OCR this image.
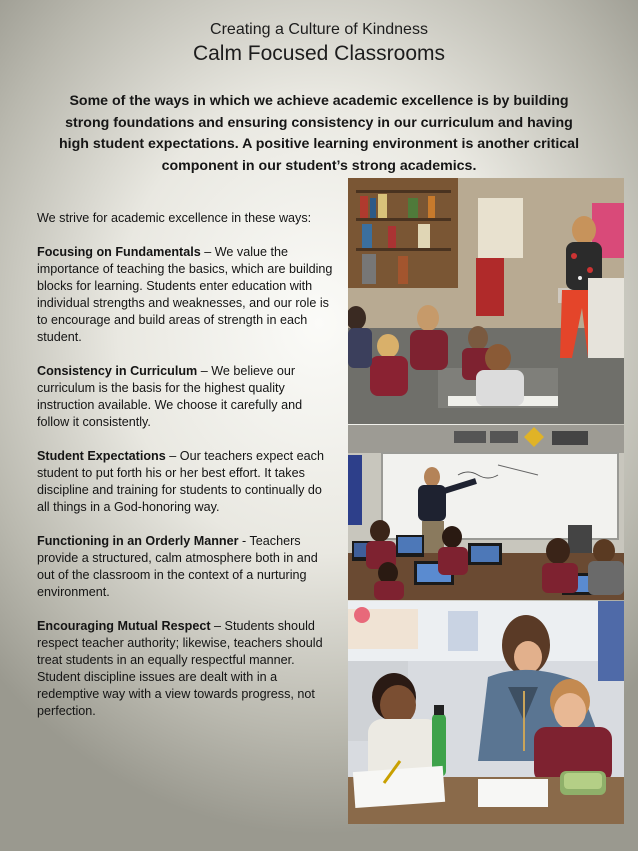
Creating a Culture of Kindness
Calm Focused Classrooms
Some of the ways in which we achieve academic excellence is by building strong foundations and ensuring consistency in our curriculum and having high student expectations. A positive learning environment is another critical component in our student’s strong academics.

We strive for academic excellence in these ways:

Focusing on Fundamentals – We value the importance of teaching the basics, which are building blocks for learning. Students enter education with individual strengths and weaknesses, and our role is to encourage and build areas of strength in each student.

Consistency in Curriculum – We believe our curriculum is the basis for the highest quality instruction available. We choose it carefully and follow it consistently.

Student Expectations – Our teachers expect each student to put forth his or her best effort. It takes discipline and training for students to continually do all things in a God-honoring way.

Functioning in an Orderly Manner - Teachers provide a structured, calm atmosphere both in and out of the classroom in the context of a nurturing environment.

Encouraging Mutual Respect – Students should respect teacher authority; likewise, teachers should treat students in an equally respectful manner. Student discipline issues are dealt with in a redemptive way with a view towards progress, not perfection.
